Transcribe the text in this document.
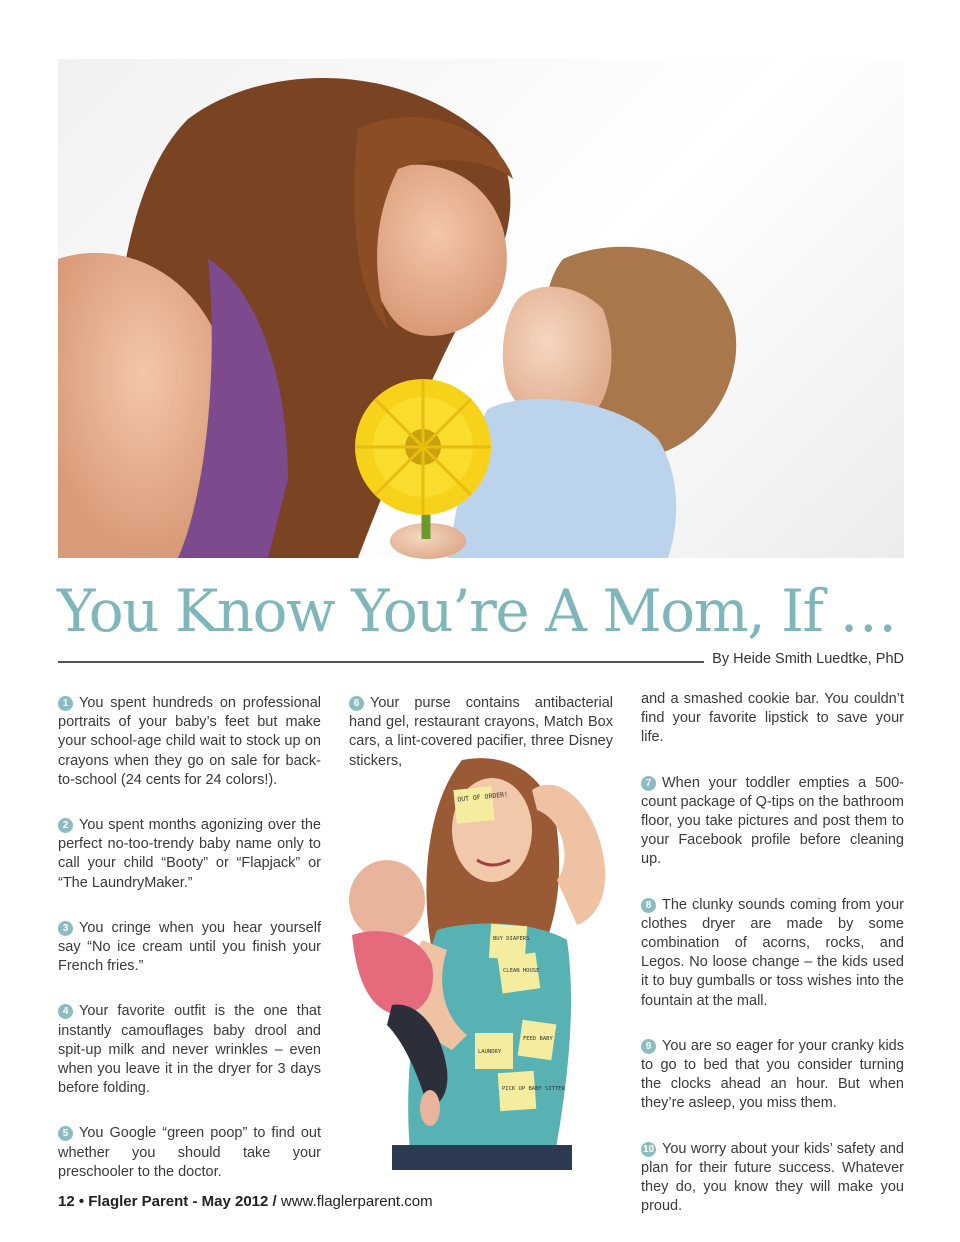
You Know You’re A Mom, If …
By Heide Smith Luedtke, PhD

1 You spent hundreds on professional portraits of your baby’s feet but make your school-age child wait to stock up on crayons when they go on sale for back-to-school (24 cents for 24 colors!).

2 You spent months agonizing over the perfect no-too-trendy baby name only to call your child “Booty” or “Flapjack” or “The LaundryMaker.”

3 You cringe when you hear yourself say “No ice cream until you finish your French fries.”

4 Your favorite outfit is the one that instantly camouflages baby drool and spit-up milk and never wrinkles – even when you leave it in the dryer for 3 days before folding.

5 You Google “green poop” to find out whether you should take your preschooler to the doctor.

6 Your purse contains antibacterial hand gel, restaurant crayons, Match Box cars, a lint-covered pacifier, three Disney stickers,

OUT OF ORDER!
BUY DIAPERS
CLEAN HOUSE
LAUNDRY
FEED BABY
PICK UP BABY SITTER

and a smashed cookie bar. You couldn’t find your favorite lipstick to save your life.

7 When your toddler empties a 500-count package of Q-tips on the bathroom floor, you take pictures and post them to your Facebook profile before cleaning up.

8 The clunky sounds coming from your clothes dryer are made by some combination of acorns, rocks, and Legos. No loose change – the kids used it to buy gumballs or toss wishes into the fountain at the mall.

9 You are so eager for your cranky kids to go to bed that you consider turning the clocks ahead an hour. But when they’re asleep, you miss them.

10 You worry about your kids’ safety and plan for their future success. Whatever they do, you know they will make you proud.

12 • Flagler Parent - May 2012 / www.flaglerparent.com
